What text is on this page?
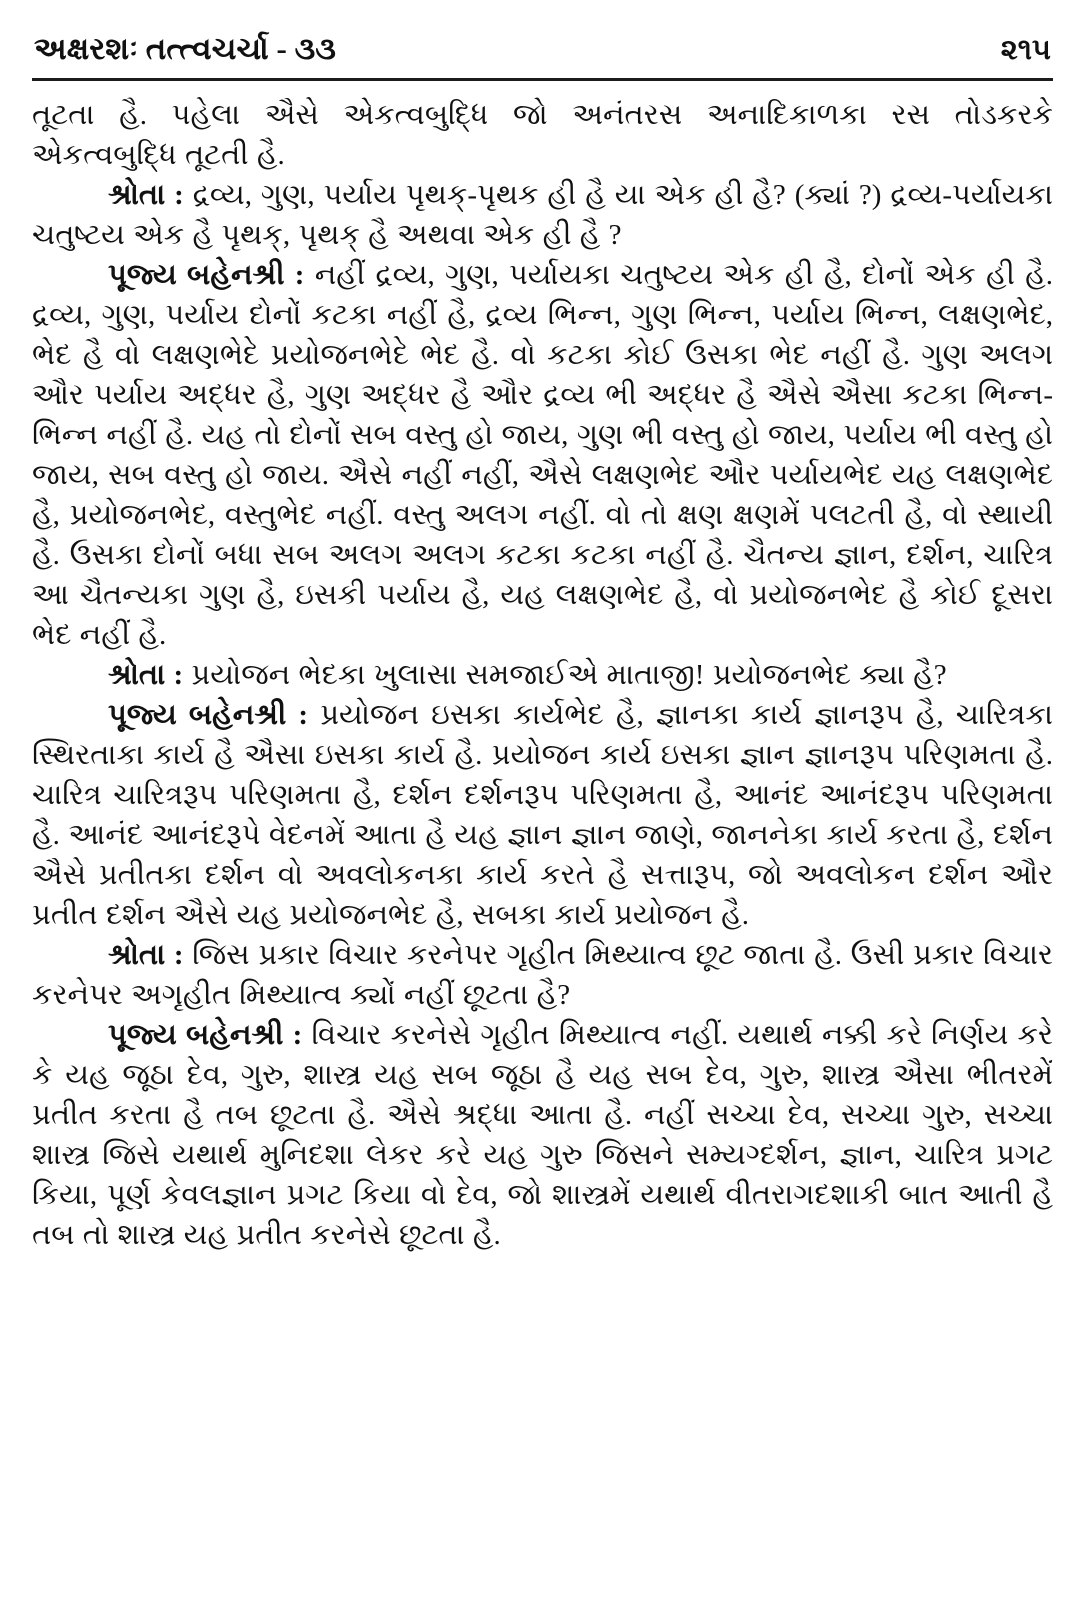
અક્ષરશઃ તત્ત્વચર્ચા - ૩૩	૨૧૫

તૂટતા હૈ. પહેલા ઐસે એકત્વબુદ્ધિ જો અનંતરસ અનાદિકાળકા રસ તોડકરકે એકત્વબુદ્ધિ તૂટતી હૈ.

શ્રોતા : દ્રવ્ય, ગુણ, પર્યાય પૃથક્-પૃથક હી હૈ યા એક હી હૈ? (ક્યાં ?) દ્રવ્ય-પર્યાયકા ચતુષ્ટય એક હૈ પૃથક્, પૃથક્ હૈ અથવા એક હી હૈ ?

પૂજ્ય બહેનશ્રી : નહીં દ્રવ્ય, ગુણ, પર્યાયકા ચતુષ્ટય એક હી હૈ, દોનોં એક હી હૈ. દ્રવ્ય, ગુણ, પર્યાય દોનોં કટકા નહીં હૈ, દ્રવ્ય ભિન્ન, ગુણ ભિન્ન, પર્યાય ભિન્ન, લક્ષણભેદ, ભેદ હૈ વો લક્ષણભેદે પ્રયોજનભેદે ભેદ હૈ. વો કટકા કોઈ ઉસકા ભેદ નહીં હૈ. ગુણ અલગ ઔર પર્યાય અદ્ધર હૈ, ગુણ અદ્ધર હૈ ઔર દ્રવ્ય ભી અદ્ધર હૈ ઐસે ઐસા કટકા ભિન્ન-ભિન્ન નહીં હૈ. યહ તો દોનોં સબ વસ્તુ હો જાય, ગુણ ભી વસ્તુ હો જાય, પર્યાય ભી વસ્તુ હો જાય, સબ વસ્તુ હો જાય. ઐસે નહીં નહીં, ઐસે લક્ષણભેદ ઔર પર્યાયભેદ યહ લક્ષણભેદ હૈ, પ્રયોજનભેદ, વસ્તુભેદ નહીં. વસ્તુ અલગ નહીં. વો તો ક્ષણ ક્ષણમેં પલટતી હૈ, વો સ્થાયી હૈ. ઉસકા દોનોં બધા સબ અલગ અલગ કટકા કટકા નહીં હૈ. ચૈતન્ય જ્ઞાન, દર્શન, ચારિત્ર આ ચૈતન્યકા ગુણ હૈ, ઇસકી પર્યાય હૈ, યહ લક્ષણભેદ હૈ, વો પ્રયોજનભેદ હૈ કોઈ દૂસરા ભેદ નહીં હૈ.

શ્રોતા : પ્રયોજન ભેદકા ખુલાસા સમજાઈએ માતાજી! પ્રયોજનભેદ ક્યા હૈ?

પૂજ્ય બહેનશ્રી : પ્રયોજન ઇસકા કાર્યભેદ હૈ, જ્ઞાનકા કાર્ય જ્ઞાનરૂપ હૈ, ચારિત્રકા સ્થિરતાકા કાર્ય હૈ ઐસા ઇસકા કાર્ય હૈ. પ્રયોજન કાર્ય ઇસકા જ્ઞાન જ્ઞાનરૂપ પરિણમતા હૈ. ચારિત્ર ચારિત્રરૂપ પરિણમતા હૈ, દર્શન દર્શનરૂપ પરિણમતા હૈ, આનંદ આનંદરૂપ પરિણમતા હૈ. આનંદ આનંદરૂપે વેદનમેં આતા હૈ યહ જ્ઞાન જ્ઞાન જાણે, જાનનેકા કાર્ય કરતા હૈ, દર્શન ઐસે પ્રતીતકા દર્શન વો અવલોકનકા કાર્ય કરતે હૈ સત્તારૂપ, જો અવલોકન દર્શન ઔર પ્રતીત દર્શન ઐસે યહ પ્રયોજનભેદ હૈ, સબકા કાર્ય પ્રયોજન હૈ.

શ્રોતા : જિસ પ્રકાર વિચાર કરનેપર ગૃહીત મિથ્યાત્વ છૂટ જાતા હૈ. ઉસી પ્રકાર વિચાર કરનેપર અગૃહીત મિથ્યાત્વ ક્યોં નહીં છૂટતા હૈ?

પૂજ્ય બહેનશ્રી : વિચાર કરનેસે ગૃહીત મિથ્યાત્વ નહીં. યથાર્થ નક્કી કરે નિર્ણય કરે કે યહ જૂઠા દેવ, ગુરુ, શાસ્ત્ર યહ સબ જૂઠા હૈ યહ સબ દેવ, ગુરુ, શાસ્ત્ર ઐસા ભીતરમેં પ્રતીત કરતા હૈ તબ છૂટતા હૈ. ઐસે શ્રદ્ધા આતા હૈ. નહીં સચ્ચા દેવ, સચ્ચા ગુરુ, સચ્ચા શાસ્ત્ર જિસે યથાર્થ મુનિદશા લેકર કરે યહ ગુરુ જિસને સમ્યગ્દર્શન, જ્ઞાન, ચારિત્ર પ્રગટ કિયા, પૂર્ણ કેવલજ્ઞાન પ્રગટ કિયા વો દેવ, જો શાસ્ત્રમેં યથાર્થ વીતરાગદશાકી બાત આતી હૈ તબ તો શાસ્ત્ર યહ પ્રતીત કરનેસે છૂટતા હૈ.
